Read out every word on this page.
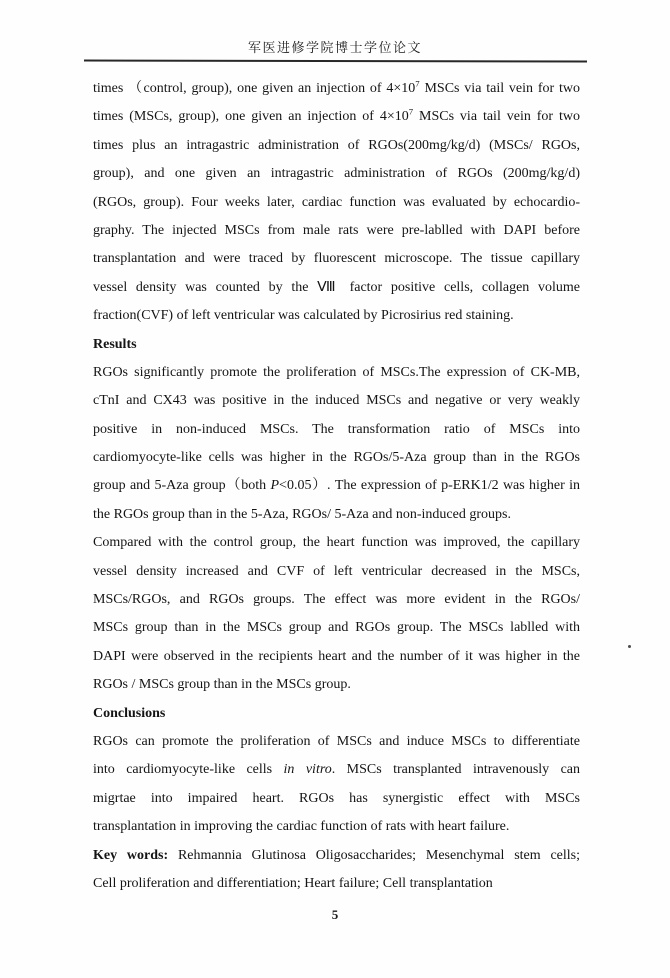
军医进修学院博士学位论文
times （control, group), one given an injection of $4\times 10^7$ MSCs via tail vein for two
times (MSCs, group), one given an injection of $4\times 10^7$ MSCs via tail vein for two
times plus an intragastric administration of RGOs(200mg/kg/d) (MSCs/ RGOs,
group), and one given an intragastric administration of RGOs (200mg/kg/d)
(RGOs, group). Four weeks later, cardiac function was evaluated by echocardio-
graphy. The injected MSCs from male rats were pre-lablled with DAPI before
transplantation and were traced by fluorescent microscope. The tissue capillary
vessel density was counted by the Ⅷ factor positive cells, collagen volume
fraction(CVF) of left ventricular was calculated by Picrosirius red staining.
Results
RGOs significantly promote the proliferation of MSCs.The expression of CK-MB,
cTnI and CX43 was positive in the induced MSCs and negative or very weakly
positive in non-induced MSCs. The transformation ratio of MSCs into
cardiomyocyte-like cells was higher in the RGOs/5-Aza group than in the RGOs
group and 5-Aza group（both P<0.05）. The expression of p-ERK1/2 was higher in
the RGOs group than in the 5-Aza, RGOs/ 5-Aza and non-induced groups.
Compared with the control group, the heart function was improved, the capillary
vessel density increased and CVF of left ventricular decreased in the MSCs,
MSCs/RGOs, and RGOs groups. The effect was more evident in the RGOs/
MSCs group than in the MSCs group and RGOs group. The MSCs lablled with
DAPI were observed in the recipients heart and the number of it was higher in the
RGOs / MSCs group than in the MSCs group.
Conclusions
RGOs can promote the proliferation of MSCs and induce MSCs to differentiate
into cardiomyocyte-like cells in vitro. MSCs transplanted intravenously can
migrtae into impaired heart. RGOs has synergistic effect with MSCs
transplantation in improving the cardiac function of rats with heart failure.
Key words: Rehmannia Glutinosa Oligosaccharides; Mesenchymal stem cells;
Cell proliferation and differentiation; Heart failure; Cell transplantation
5
